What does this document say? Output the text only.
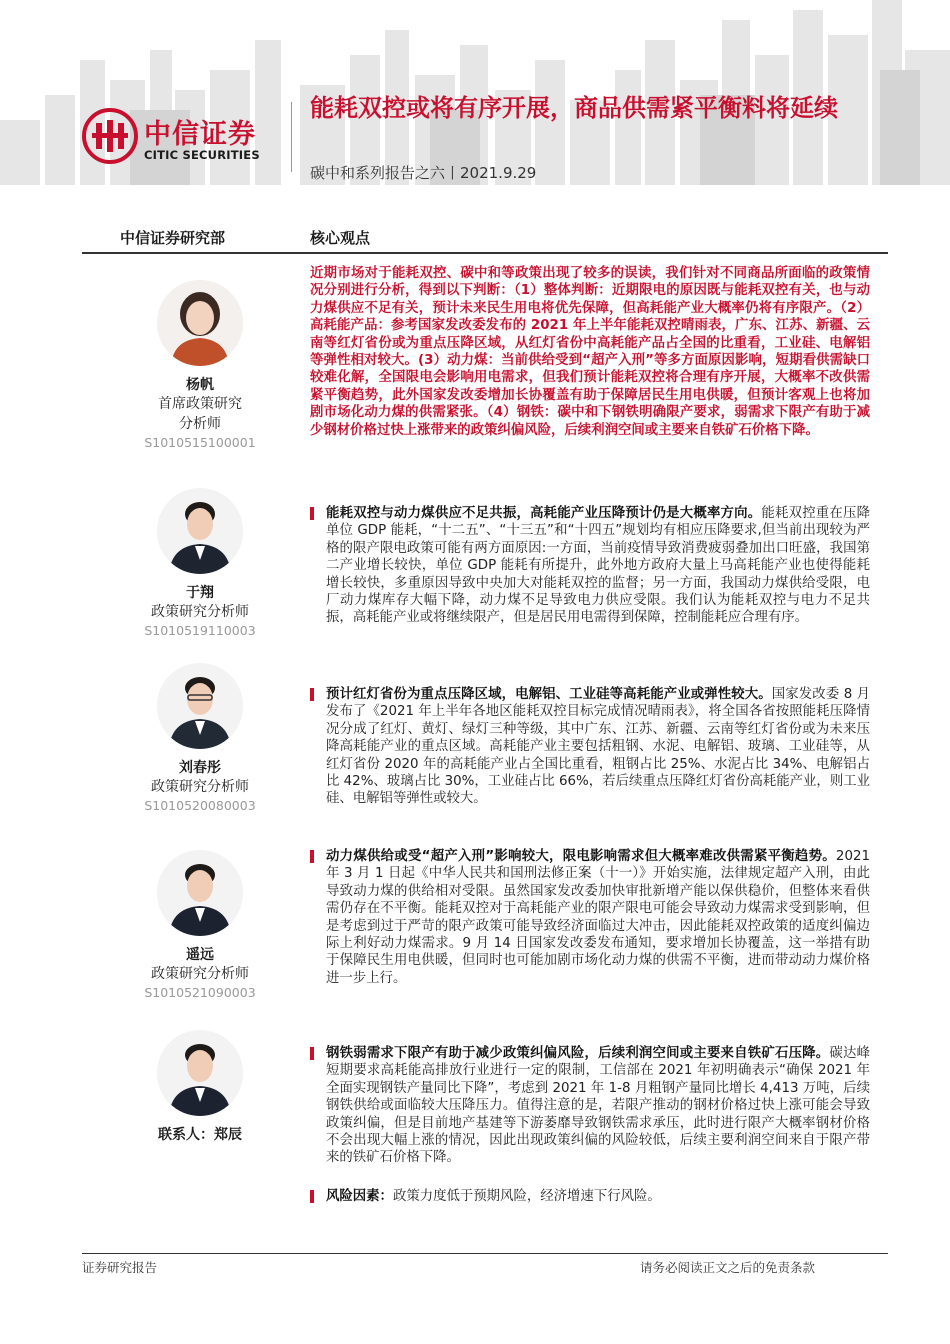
中信证券
CITIC SECURITIES
能耗双控或将有序开展，商品供需紧平衡料将延续
碳中和系列报告之六丨2021.9.29
中信证券研究部	核心观点
近期市场对于能耗双控、碳中和等政策出现了较多的误读，我们针对不同商品所面临的政策情况分别进行分析，得到以下判断：（1）整体判断：近期限电的原因既与能耗双控有关，也与动力煤供应不足有关，预计未来民生用电将优先保障，但高耗能产业大概率仍将有序限产。（2）高耗能产品：参考国家发改委发布的 2021 年上半年能耗双控晴雨表，广东、江苏、新疆、云南等红灯省份或为重点压降区域，从红灯省份中高耗能产品占全国的比重看，工业硅、电解铝等弹性相对较大。(3）动力煤：当前供给受到“超产入刑”等多方面原因影响，短期看供需缺口较难化解，全国限电会影响用电需求，但我们预计能耗双控将合理有序开展，大概率不改供需紧平衡趋势，此外国家发改委增加长协覆盖有助于保障居民生用电供暖，但预计客观上也将加剧市场化动力煤的供需紧张。（4）钢铁：碳中和下钢铁明确限产要求，弱需求下限产有助于减少钢材价格过快上涨带来的政策纠偏风险，后续利润空间或主要来自铁矿石价格下降。
能耗双控与动力煤供应不足共振，高耗能产业压降预计仍是大概率方向。能耗双控重在压降单位 GDP 能耗，“十二五”、“十三五”和“十四五”规划均有相应压降要求,但当前出现较为严格的限产限电政策可能有两方面原因:一方面，当前疫情导致消费疲弱叠加出口旺盛，我国第二产业增长较快，单位 GDP 能耗有所提升，此外地方政府大量上马高耗能产业也使得能耗增长较快，多重原因导致中央加大对能耗双控的监督；另一方面，我国动力煤供给受限，电厂动力煤库存大幅下降，动力煤不足导致电力供应受限。我们认为能耗双控与电力不足共振，高耗能产业或将继续限产，但是居民用电需得到保障，控制能耗应合理有序。
预计红灯省份为重点压降区域，电解铝、工业硅等高耗能产业或弹性较大。国家发改委 8 月发布了《2021 年上半年各地区能耗双控目标完成情况晴雨表》，将全国各省按照能耗压降情况分成了红灯、黄灯、绿灯三种等级，其中广东、江苏、新疆、云南等红灯省份或为未来压降高耗能产业的重点区域。高耗能产业主要包括粗钢、水泥、电解铝、玻璃、工业硅等，从红灯省份 2020 年的高耗能产业占全国比重看，粗钢占比 25%、水泥占比 34%、电解铝占比 42%、玻璃占比 30%，工业硅占比 66%，若后续重点压降红灯省份高耗能产业，则工业硅、电解铝等弹性或较大。
动力煤供给或受“超产入刑”影响较大，限电影响需求但大概率难改供需紧平衡趋势。2021 年 3 月 1 日起《中华人民共和国刑法修正案（十一）》开始实施，法律规定超产入刑，由此导致动力煤的供给相对受限。虽然国家发改委加快审批新增产能以保供稳价，但整体来看供需仍存在不平衡。能耗双控对于高耗能产业的限产限电可能会导致动力煤需求受到影响，但是考虑到过于严苛的限产政策可能导致经济面临过大冲击，因此能耗双控政策的适度纠偏边际上利好动力煤需求。9 月 14 日国家发改委发布通知，要求增加长协覆盖，这一举措有助于保障民生用电供暖，但同时也可能加剧市场化动力煤的供需不平衡，进而带动动力煤价格进一步上行。
钢铁弱需求下限产有助于减少政策纠偏风险，后续利润空间或主要来自铁矿石压降。碳达峰短期要求高耗能高排放行业进行一定的限制，工信部在 2021 年初明确表示“确保 2021 年全面实现钢铁产量同比下降”，考虑到 2021 年 1-8 月粗钢产量同比增长 4,413 万吨，后续钢铁供给或面临较大压降压力。值得注意的是，若限产推动的钢材价格过快上涨可能会导致政策纠偏，但是目前地产基建等下游萎靡导致钢铁需求承压，此时进行限产大概率钢材价格不会出现大幅上涨的情况，因此出现政策纠偏的风险较低，后续主要利润空间来自于限产带来的铁矿石价格下降。
风险因素：政策力度低于预期风险，经济增速下行风险。
杨帆
首席政策研究
分析师
S1010515100001
于翔
政策研究分析师
S1010519110003
刘春彤
政策研究分析师
S1010520080003
遥远
政策研究分析师
S1010521090003
联系人：郑辰
证券研究报告	请务必阅读正文之后的免责条款
